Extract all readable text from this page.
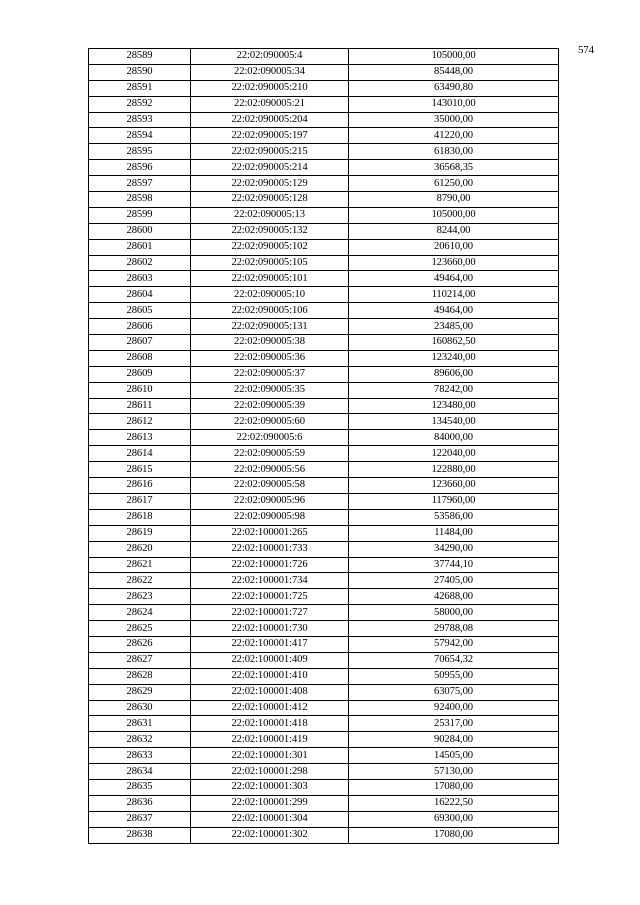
574
28589	22:02:090005:4	105000,00
28590	22:02:090005:34	85448,00
28591	22:02:090005:210	63490,80
28592	22:02:090005:21	143010,00
28593	22:02:090005:204	35000,00
28594	22:02:090005:197	41220,00
28595	22:02:090005:215	61830,00
28596	22:02:090005:214	36568,35
28597	22:02:090005:129	61250,00
28598	22:02:090005:128	8790,00
28599	22:02:090005:13	105000,00
28600	22:02:090005:132	8244,00
28601	22:02:090005:102	20610,00
28602	22:02:090005:105	123660,00
28603	22:02:090005:101	49464,00
28604	22:02:090005:10	110214,00
28605	22:02:090005:106	49464,00
28606	22:02:090005:131	23485,00
28607	22:02:090005:38	160862,50
28608	22:02:090005:36	123240,00
28609	22:02:090005:37	89606,00
28610	22:02:090005:35	78242,00
28611	22:02:090005:39	123480,00
28612	22:02:090005:60	134540,00
28613	22:02:090005:6	84000,00
28614	22:02:090005:59	122040,00
28615	22:02:090005:56	122880,00
28616	22:02:090005:58	123660,00
28617	22:02:090005:96	117960,00
28618	22:02:090005:98	53586,00
28619	22:02:100001:265	11484,00
28620	22:02:100001:733	34290,00
28621	22:02:100001:726	37744,10
28622	22:02:100001:734	27405,00
28623	22:02:100001:725	42688,00
28624	22:02:100001:727	58000,00
28625	22:02:100001:730	29788,08
28626	22:02:100001:417	57942,00
28627	22:02:100001:409	70654,32
28628	22:02:100001:410	50955,00
28629	22:02:100001:408	63075,00
28630	22:02:100001:412	92400,00
28631	22:02:100001:418	25317,00
28632	22:02:100001:419	90284,00
28633	22:02:100001:301	14505,00
28634	22:02:100001:298	57130,00
28635	22:02:100001:303	17080,00
28636	22:02:100001:299	16222,50
28637	22:02:100001:304	69300,00
28638	22:02:100001:302	17080,00
